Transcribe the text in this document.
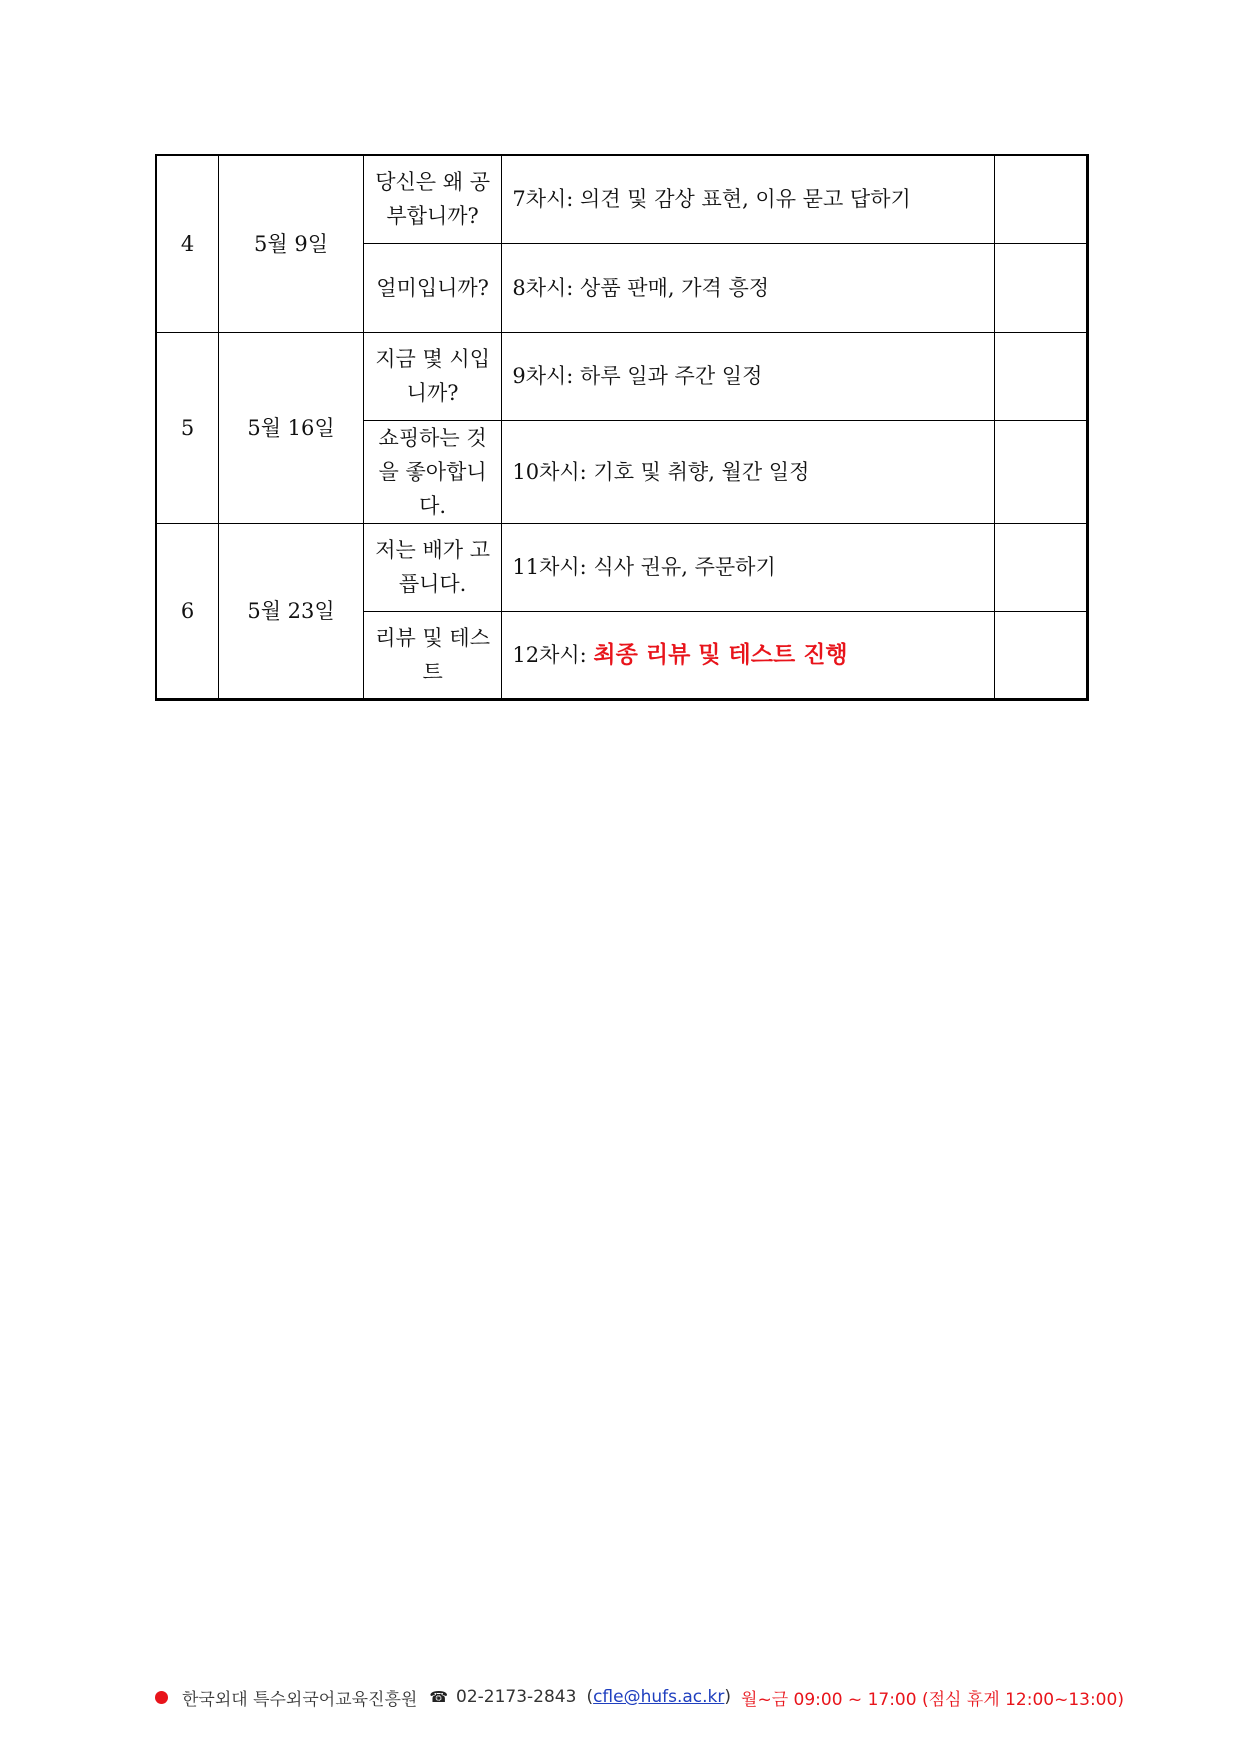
4	5월 9일	당신은 왜 공부합니까?	7차시: 의견 및 감상 표현, 이유 묻고 답하기	
		얼미입니까?	8차시: 상품 판매, 가격 흥정	
5	5월 16일	지금 몇 시입니까?	9차시: 하루 일과 주간 일정	
		쇼핑하는 것을 좋아합니다.	10차시: 기호 및 취향, 월간 일정	
6	5월 23일	저는 배가 고픕니다.	11차시: 식사 권유, 주문하기	
		리뷰 및 테스트	12차시: 최종 리뷰 및 테스트 진행	
한국외대 특수외국어교육진흥원 ☎ 02-2173-2843 (cfle@hufs.ac.kr) 월~금 09:00 ~ 17:00 (점심 휴게 12:00~13:00)
